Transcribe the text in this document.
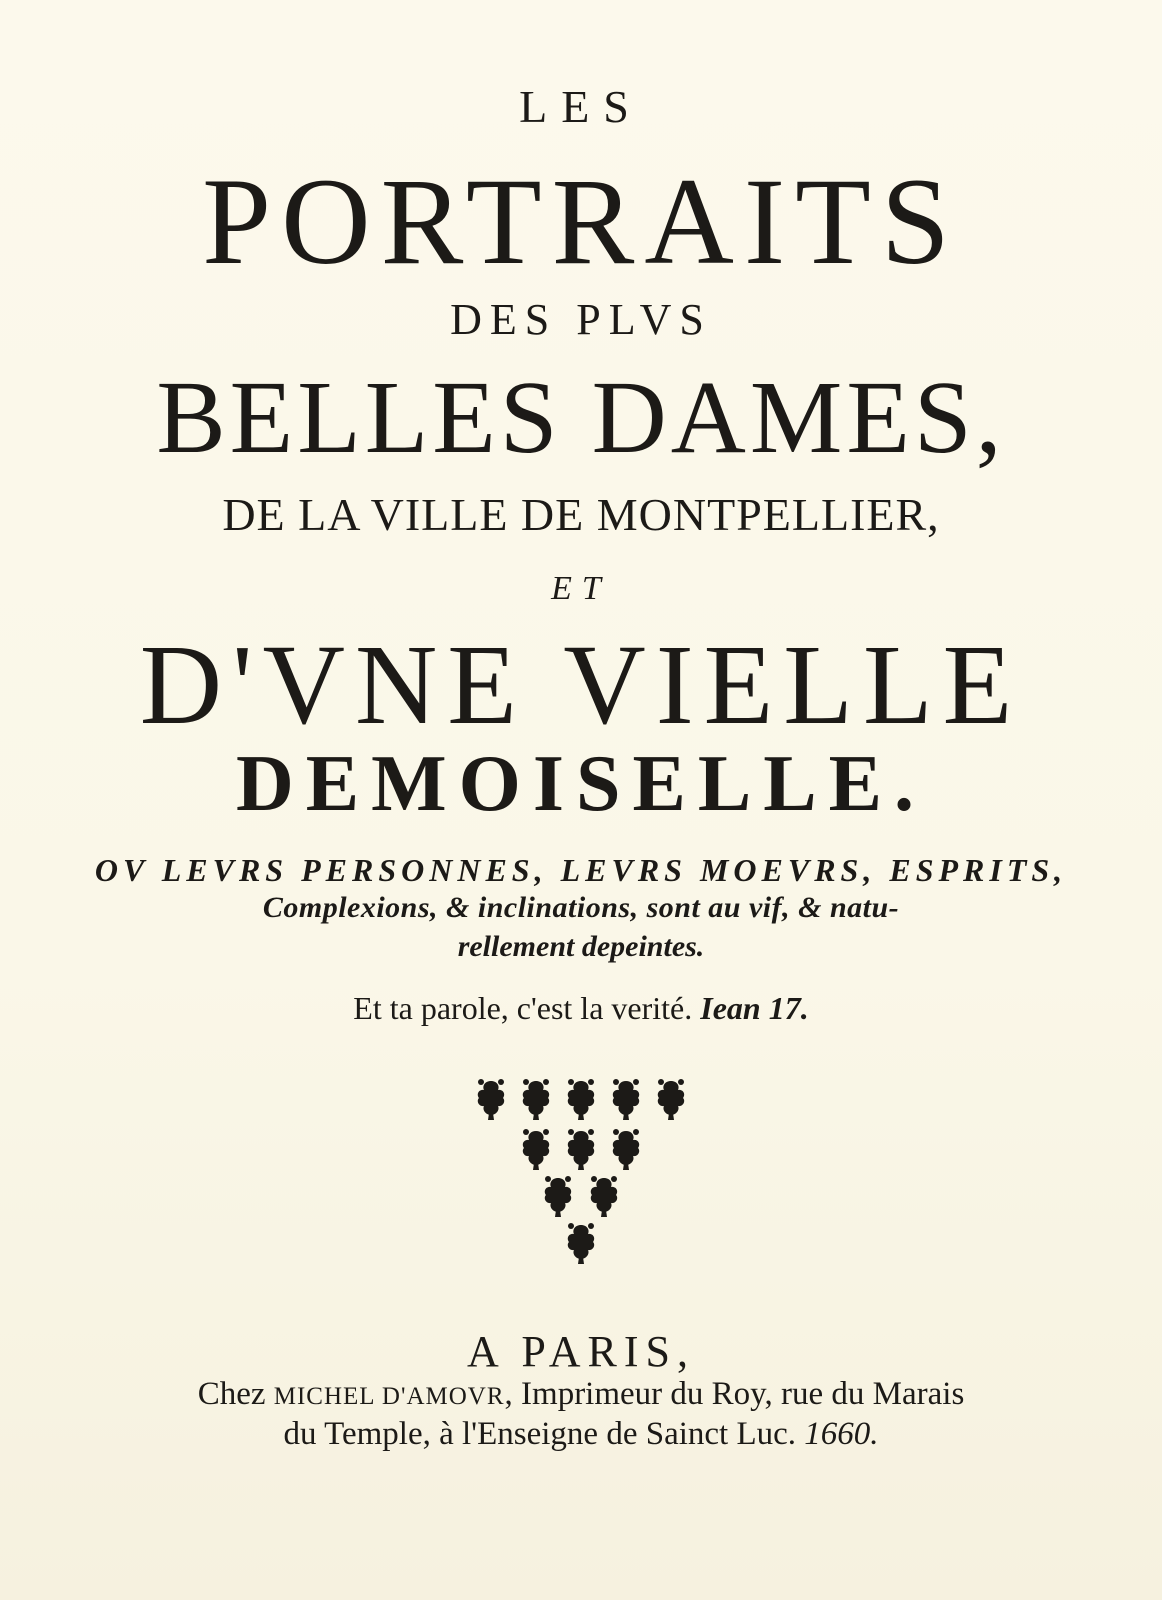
LES
PORTRAITS
DES PLVS
BELLES DAMES,
DE LA VILLE DE MONTPELLIER,
ET
D'VNE VIELLE
DEMOISELLE.
OV LEVRS PERSONNES, LEVRS MOEVRS, ESPRITS,
Complexions, & inclinations, sont au vif, & natu-
rellement depeintes.
Et ta parole, c'est la verité. Iean 17.
A PARIS,
Chez MICHEL D'AMOVR, Imprimeur du Roy, rue du Marais
du Temple, à l'Enseigne de Sainct Luc. 1660.
